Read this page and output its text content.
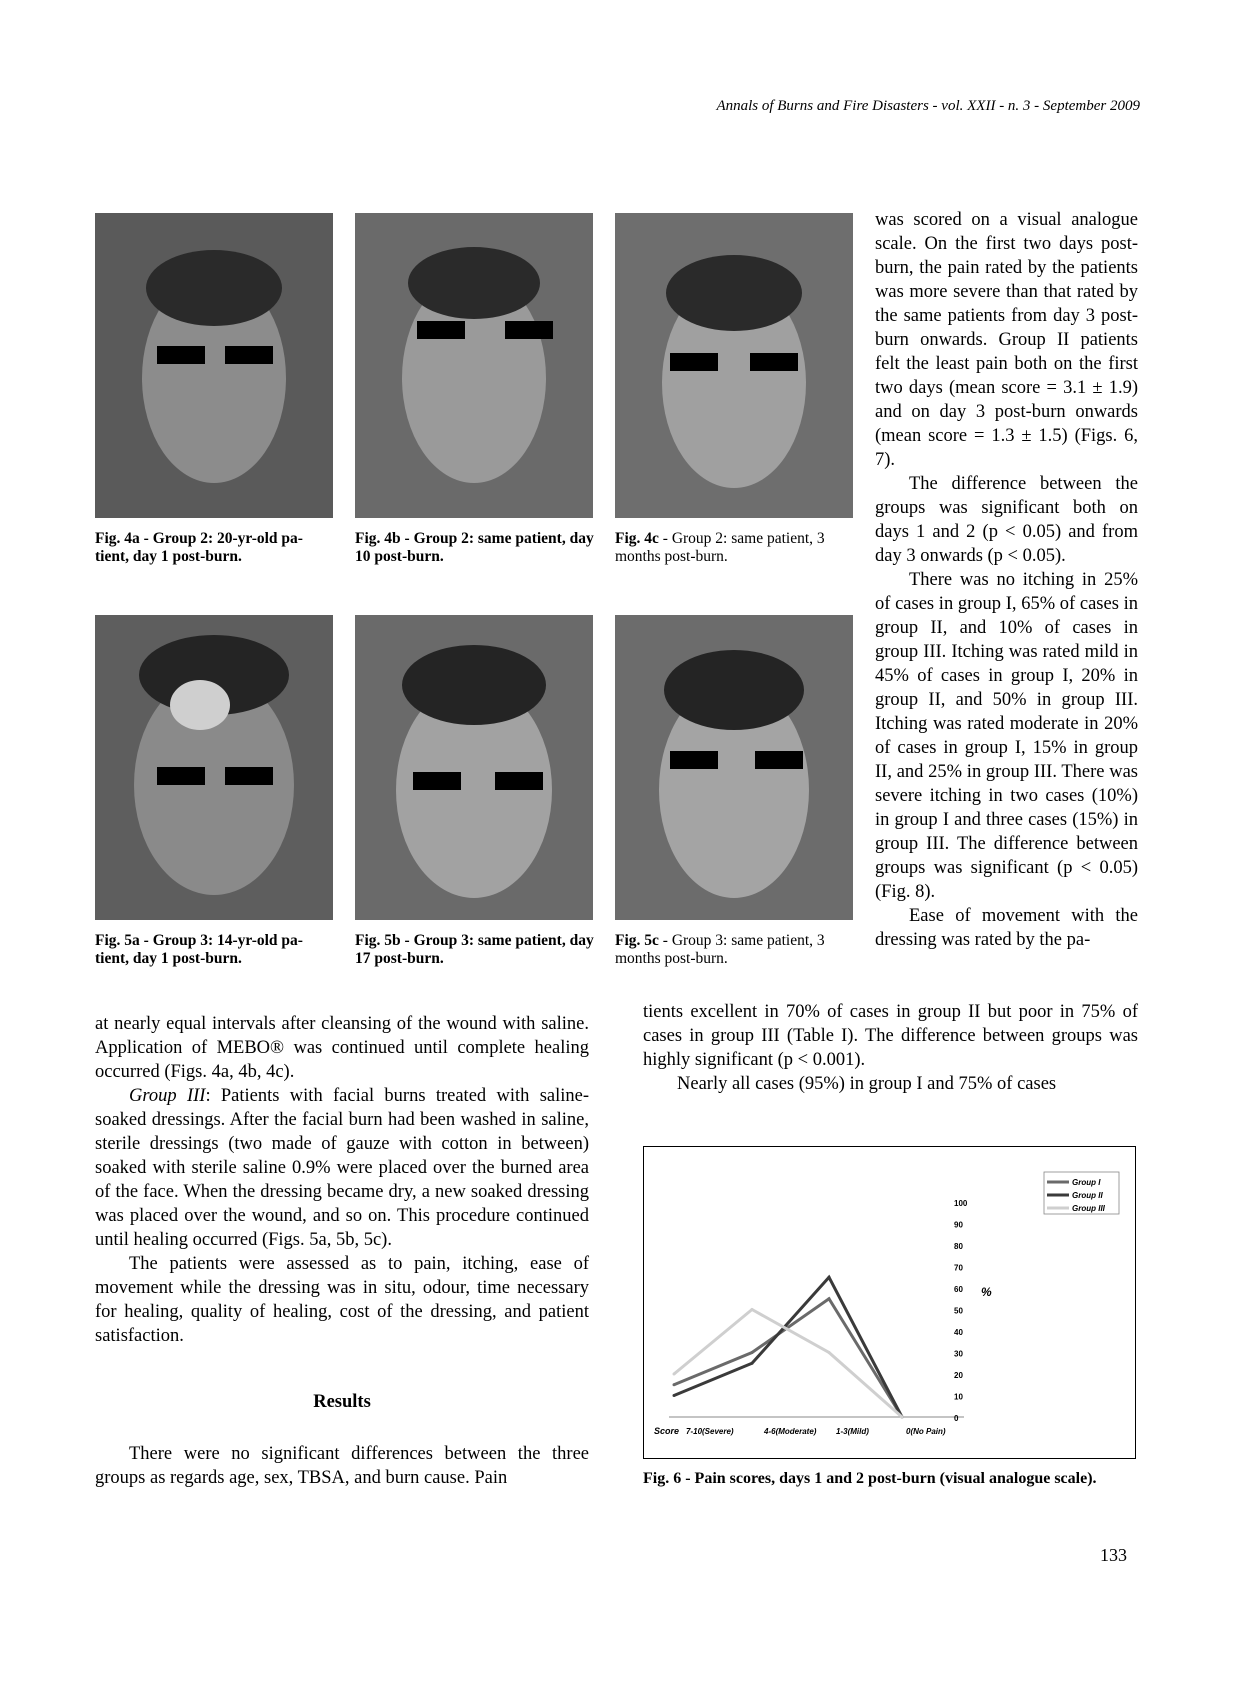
Annals of Burns and Fire Disasters - vol. XXII - n. 3 - September 2009
Fig. 4a - Group 2: 20-yr-old pa-tient, day 1 post-burn.
Fig. 4b - Group 2: same patient, day 10 post-burn.
Fig. 4c - Group 2: same patient, 3 months post-burn.
Fig. 5a - Group 3: 14-yr-old pa-tient, day 1 post-burn.
Fig. 5b - Group 3: same patient, day 17 post-burn.
Fig. 5c - Group 3: same patient, 3 months post-burn.

was scored on a visual analogue scale. On the first two days post-burn, the pain rated by the patients was more severe than that rated by the same patients from day 3 post-burn onwards. Group II patients felt the least pain both on the first two days (mean score = 3.1 ± 1.9) and on day 3 post-burn onwards (mean score = 1.3 ± 1.5) (Figs. 6, 7).

The difference between the groups was significant both on days 1 and 2 (p < 0.05) and from day 3 onwards (p < 0.05).

There was no itching in 25% of cases in group I, 65% of cases in group II, and 10% of cases in group III. Itching was rated mild in 45% of cases in group I, 20% in group II, and 50% in group III. Itching was rated moderate in 20% of cases in group I, 15% in group II, and 25% in group III. There was severe itching in two cases (10%) in group I and three cases (15%) in group III. The difference between groups was significant (p < 0.05) (Fig. 8).

Ease of movement with the dressing was rated by the pa-

tients excellent in 70% of cases in group II but poor in 75% of cases in group III (Table I). The difference between groups was highly significant (p < 0.001).

Nearly all cases (95%) in group I and 75% of cases

at nearly equal intervals after cleansing of the wound with saline. Application of MEBO® was continued until complete healing occurred (Figs. 4a, 4b, 4c).

Group III: Patients with facial burns treated with saline-soaked dressings. After the facial burn had been washed in saline, sterile dressings (two made of gauze with cotton in between) soaked with sterile saline 0.9% were placed over the burned area of the face. When the dressing became dry, a new soaked dressing was placed over the wound, and so on. This procedure continued until healing occurred (Figs. 5a, 5b, 5c).

The patients were assessed as to pain, itching, ease of movement while the dressing was in situ, odour, time necessary for healing, quality of healing, cost of the dressing, and patient satisfaction.

Results

There were no significant differences between the three groups as regards age, sex, TBSA, and burn cause. Pain

0
10
20
30
40
50
60
70
80
90
100
Score 7-10(Severe)	4-6(Moderate) 1-3(Mild)	0(No Pain)
Group I
Group II
Group III
%
Fig. 6 - Pain scores, days 1 and 2 post-burn (visual analogue scale).
133
